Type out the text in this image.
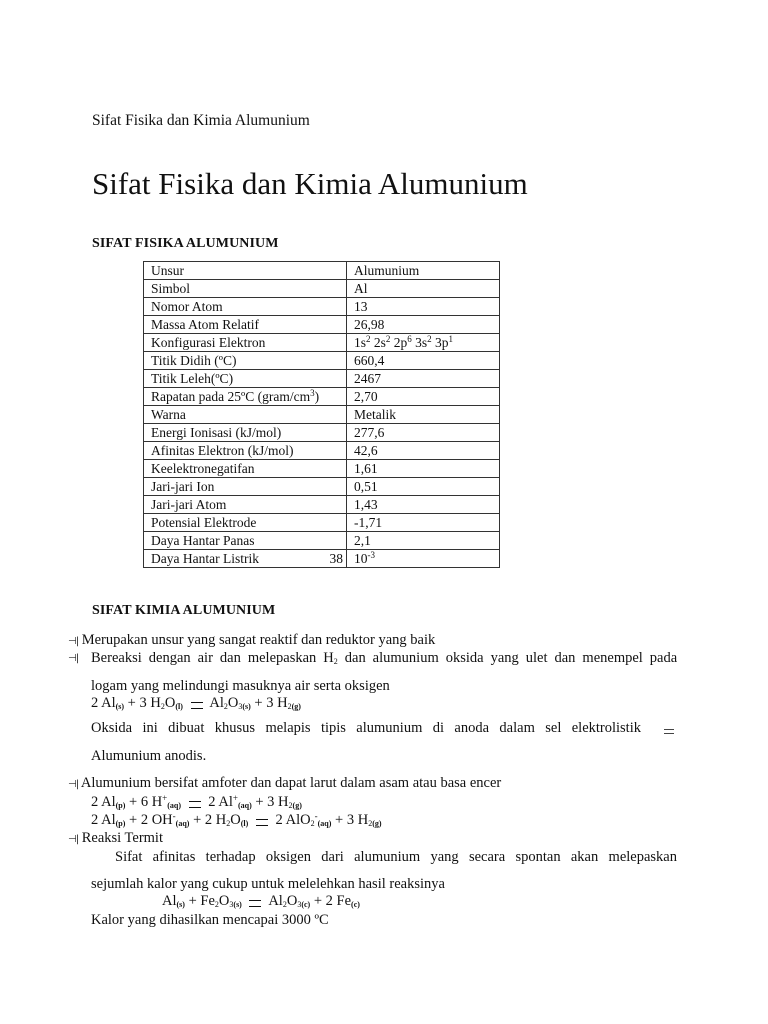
Sifat Fisika dan Kimia Alumunium
Sifat Fisika dan Kimia Alumunium
SIFAT FISIKA ALUMUNIUM
Unsur	Alumunium
Simbol	Al
Nomor Atom	13
Massa Atom Relatif	26,98
Konfigurasi Elektron	$1s^2$ $2s^2$ $2p^6$ $3s^2$ $3p^1$
Titik Didih (ºC)	660,4
Titik Leleh(ºC)	2467
Rapatan pada 25ºC $(gram/cm^3)$	2,70
Warna	Metalik
Energi Ionisasi (kJ/mol)	277,6
Afinitas Elektron (kJ/mol)	42,6
Keelektronegatifan	1,61
Jari-jari Ion	0,51
Jari-jari Atom	1,43
Potensial Elektrode	-1,71
Daya Hantar Panas	2,1
Daya Hantar Listrik 38	$10^{-3}$
SIFAT KIMIA ALUMUNIUM
⊣| Merupakan unsur yang sangat reaktif dan reduktor yang baik
⊣| Bereaksi dengan air dan melepaskan $H_2$ dan alumunium oksida yang ulet dan menempel pada
logam yang melindungi masuknya air serta oksigen
2 $Al_{(s)} + 3$ $H_2O_{(l)}$ $Al_2O_{3(s)} + 3$ $H_{2(g)}$
Oksida ini dibuat khusus melapis tipis alumunium di anoda dalam sel elektrolistik
Alumunium anodis.
⊣| Alumunium bersifat amfoter dan dapat larut dalam asam atau basa encer
2 $Al_{(p)} + 6$ $H^+_{(aq)}$ 2 $Al^+_{(aq)} + 3$ $H_{2(g)}$
2 $Al_{(p)} + 2$ $OH^-_{(aq)} + 2$ $H_2O_{(l)}$ 2 AlO$_2$-$_{(aq)}$ + 3 $H_{2(g)}$
⊣| Reaksi Termit
Sifat afinitas terhadap oksigen dari alumunium yang secara spontan akan melepaskan
sejumlah kalor yang cukup untuk melelehkan hasil reaksinya
$Al_{(s)} + Fe_2O_{3(s)}$ $Al_2O_{3(c)} + 2$ $Fe_{(c)}$
Kalor yang dihasilkan mencapai 3000 ºC
